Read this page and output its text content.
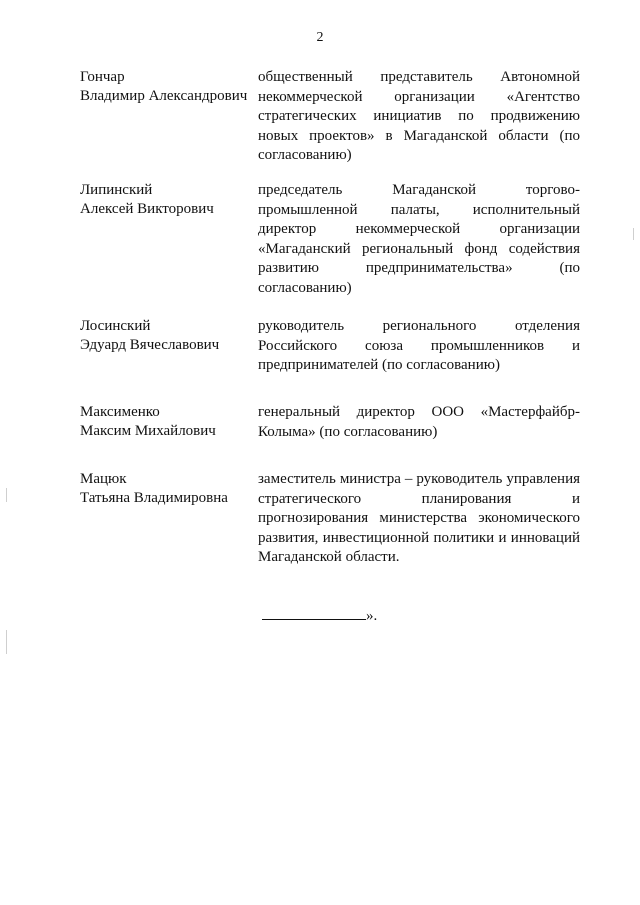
2
Гончар
Владимир Александрович
общественный представитель Автономной некоммерческой организации «Агентство стратегических инициатив по продвижению новых проектов» в Магаданской области (по согласованию)
Липинский
Алексей Викторович
председатель Магаданской торгово-промышленной палаты, исполнительный директор некоммерческой организации «Магаданский региональный фонд содействия развитию предпринимательства» (по согласованию)
Лосинский
Эдуард Вячеславович
руководитель регионального отделения Российского союза промышленников и предпринимателей (по согласованию)
Максименко
Максим Михайлович
генеральный директор ООО «Мастерфайбр-Колыма» (по согласованию)
Мацюк
Татьяна Владимировна
заместитель министра – руководитель управления стратегического планирования и прогнозирования министерства экономического развития, инвестиционной политики и инноваций Магаданской области.
».
